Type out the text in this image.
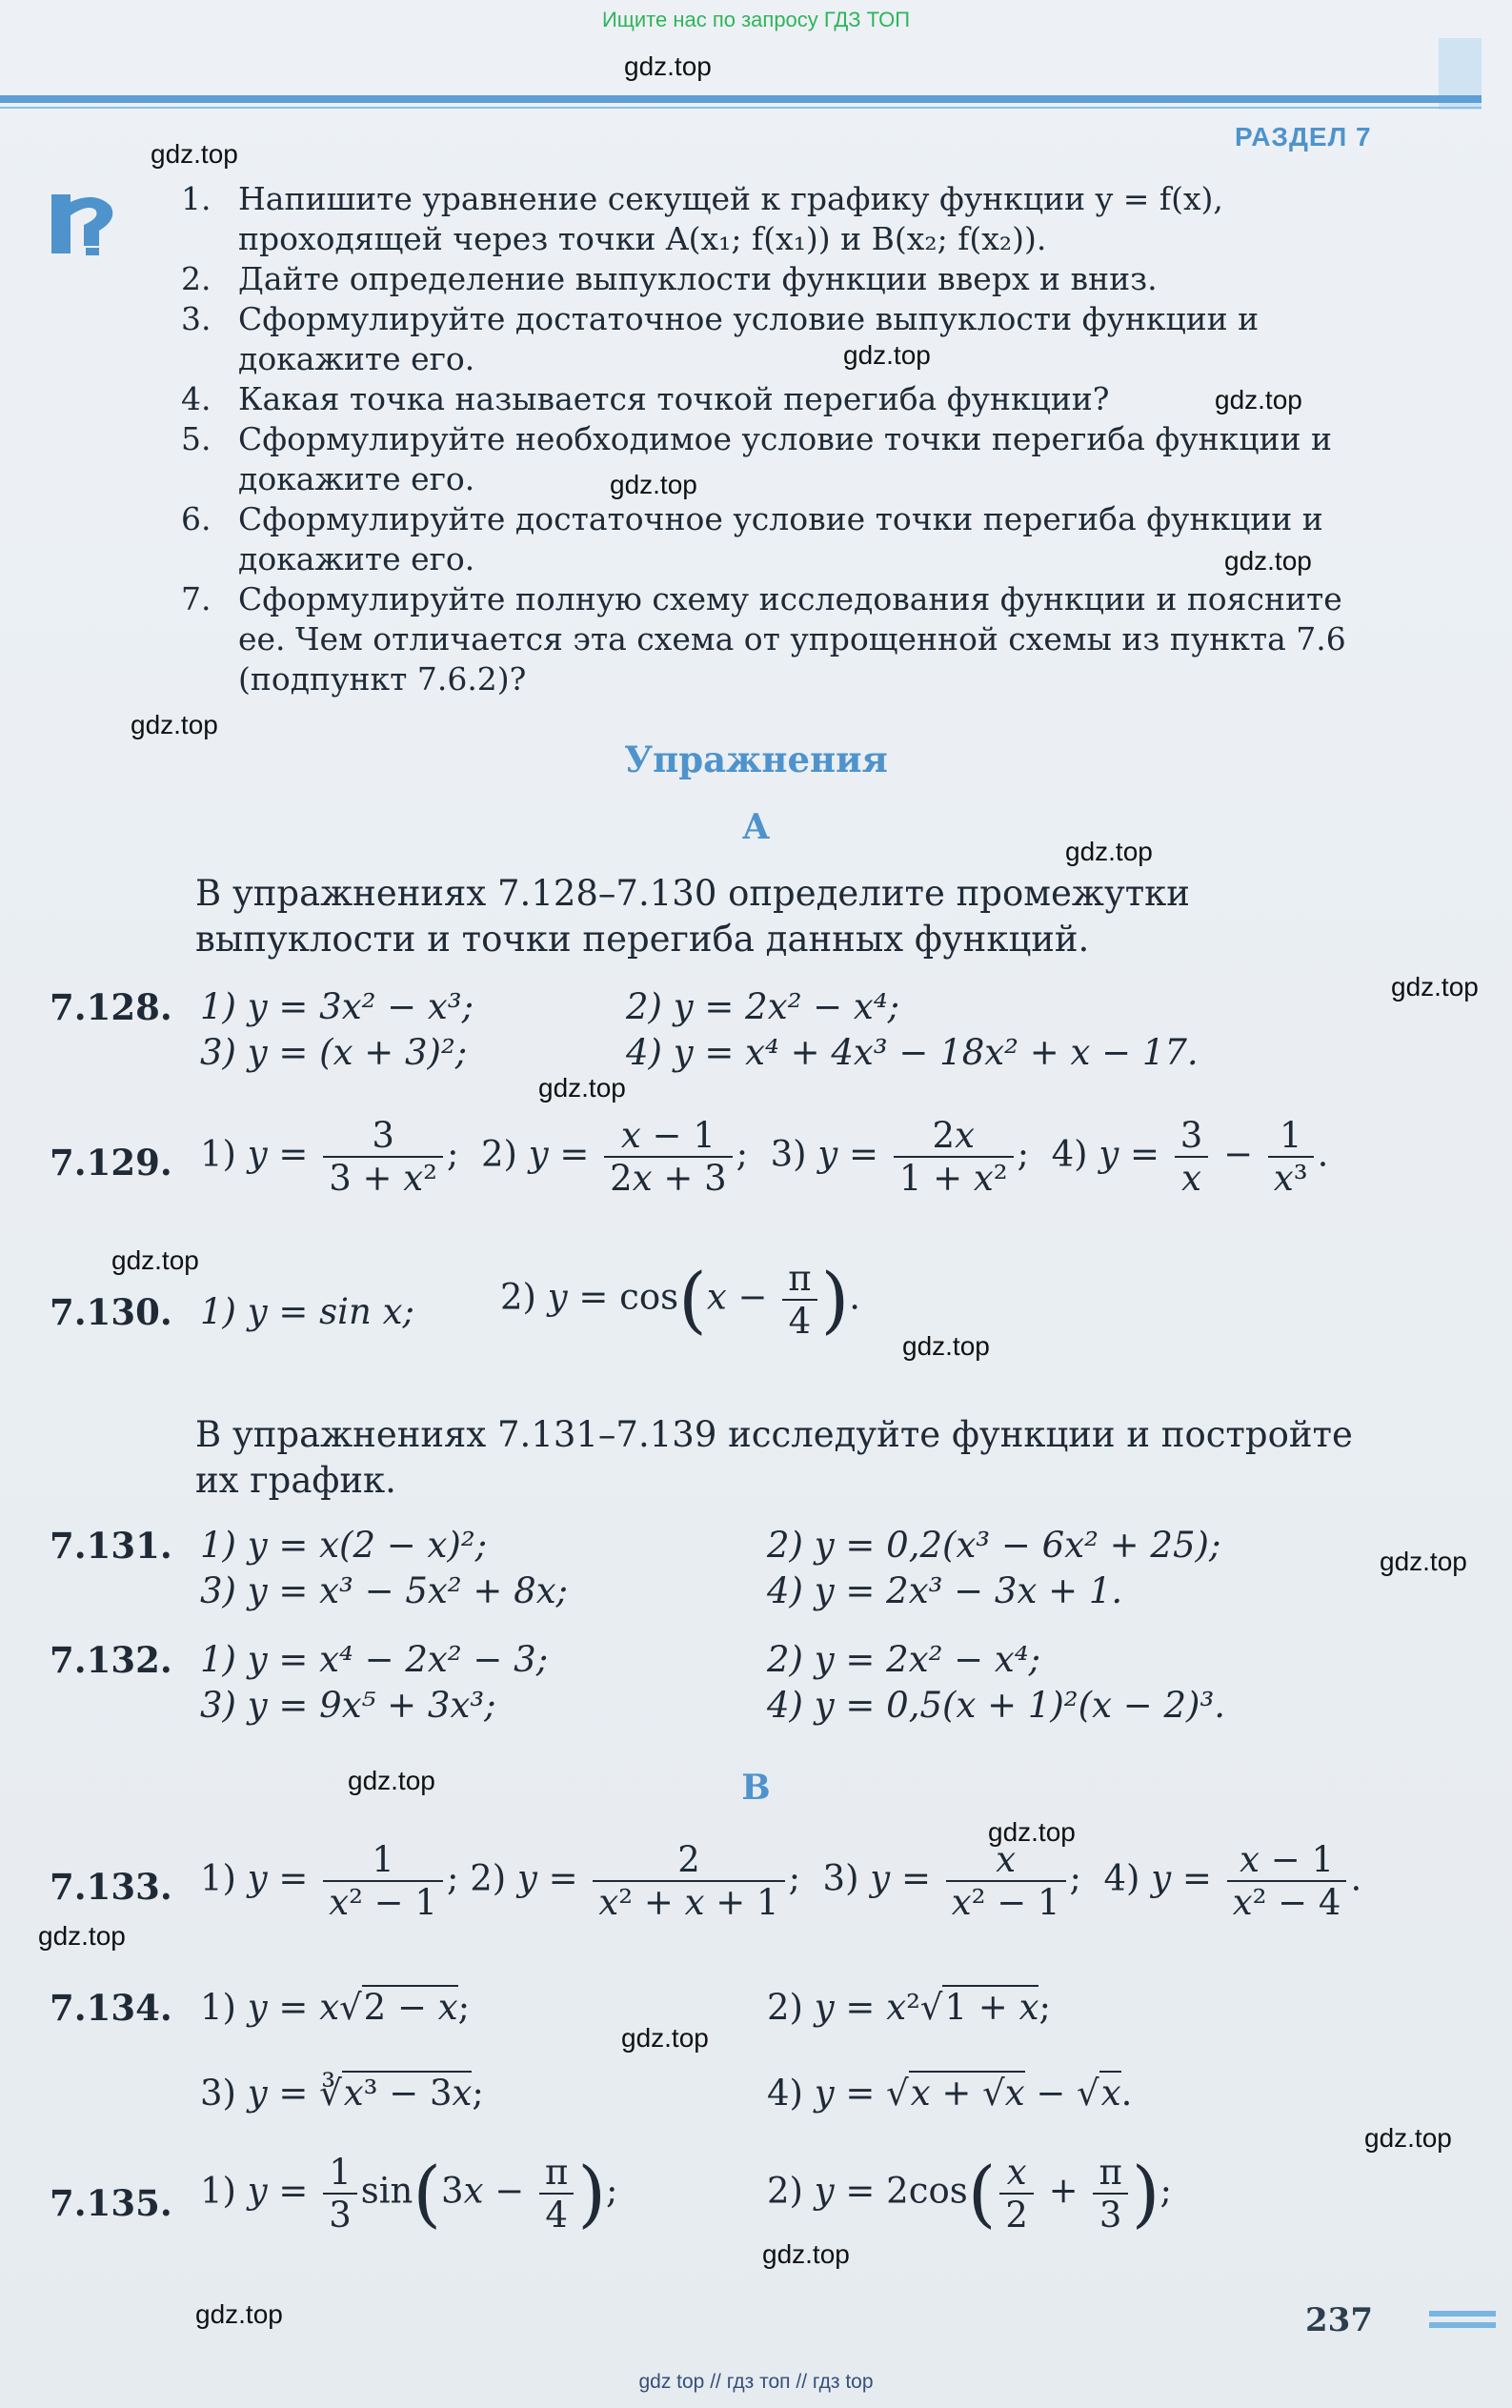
Ищите нас по запросу ГДЗ ТОП
РАЗДЕЛ 7
gdz.top
gdz.top
gdz.top
gdz.top
gdz.top
gdz.top
gdz.top
gdz.top
gdz.top
gdz.top
gdz.top
gdz.top
gdz.top
gdz.top
gdz.top
gdz.top
gdz.top
gdz.top
gdz.top
gdz.top
1. Напишите уравнение секущей к графику функции y = f(x), проходящей через точки A(x₁; f(x₁)) и B(x₂; f(x₂)).
2. Дайте определение выпуклости функции вверх и вниз.
3. Сформулируйте достаточное условие выпуклости функции и докажите его.
4. Какая точка называется точкой перегиба функции?
5. Сформулируйте необходимое условие точки перегиба функции и докажите его.
6. Сформулируйте достаточное условие точки перегиба функции и докажите его.
7. Сформулируйте полную схему исследования функции и поясните ее. Чем отличается эта схема от упрощенной схемы из пункта 7.6 (подпункт 7.6.2)?
Упражнения
А
В упражнениях 7.128–7.130 определите промежутки выпуклости и точки перегиба данных функций.
7.128. 1) y = 3x² − x³;	2) y = 2x² − x⁴;
3) y = (x + 3)²;	4) y = x⁴ + 4x³ − 18x² + x − 17.
7.129. 1) $y = \frac{3}{\text{3 + x²}}$ ;  2) $y = \frac{x - 1}{2x + 3}$ ;  3) $y = \frac{2x}{\text{1 + x²}}$ ;  4) $y = \frac{3}{x} - \frac{1}{\text{x³}}$ .
7.130. 1) y = sin x; 2) $y = \cos(x - \frac{\pi}{4}$ ).
В упражнениях 7.131–7.139 исследуйте функции и постройте их график.
7.131. 1) y = x(2 − x)²;	2) y = 0,2(x³ − 6x² + 25);
3) y = x³ − 5x² + 8x;	4) y = 2x³ − 3x + 1.
7.132. 1) y = x⁴ − 2x² − 3;	2) y = 2x² − x⁴;
3) y = 9x⁵ + 3x³;	4) y = 0,5(x + 1)²(x − 2)³.
В
7.133. 1) $y = \frac{1}{\text{x² − 1}}$ ; 2) $y = \frac{2}{\text{x² + x + 1}}$ ;  3) $y = \frac{x}{\text{x² − 1}}$ ;  4) $y = \frac{x - 1}{\text{x² − 4}}$ .
7.134. 1) y = x√2 − x;	2) y = x²√1 + x;
3) y = ∛x³ − 3x;	4) y = √x + √x − √x.
7.135. 1) $y = \frac{1}{3} \sin(3x - \frac{\pi}{4}$ );	2) $y = 2\cos( \frac{x}{2} + \frac{\pi}{3}$ );
237
gdz top // гдз топ // гдз top
